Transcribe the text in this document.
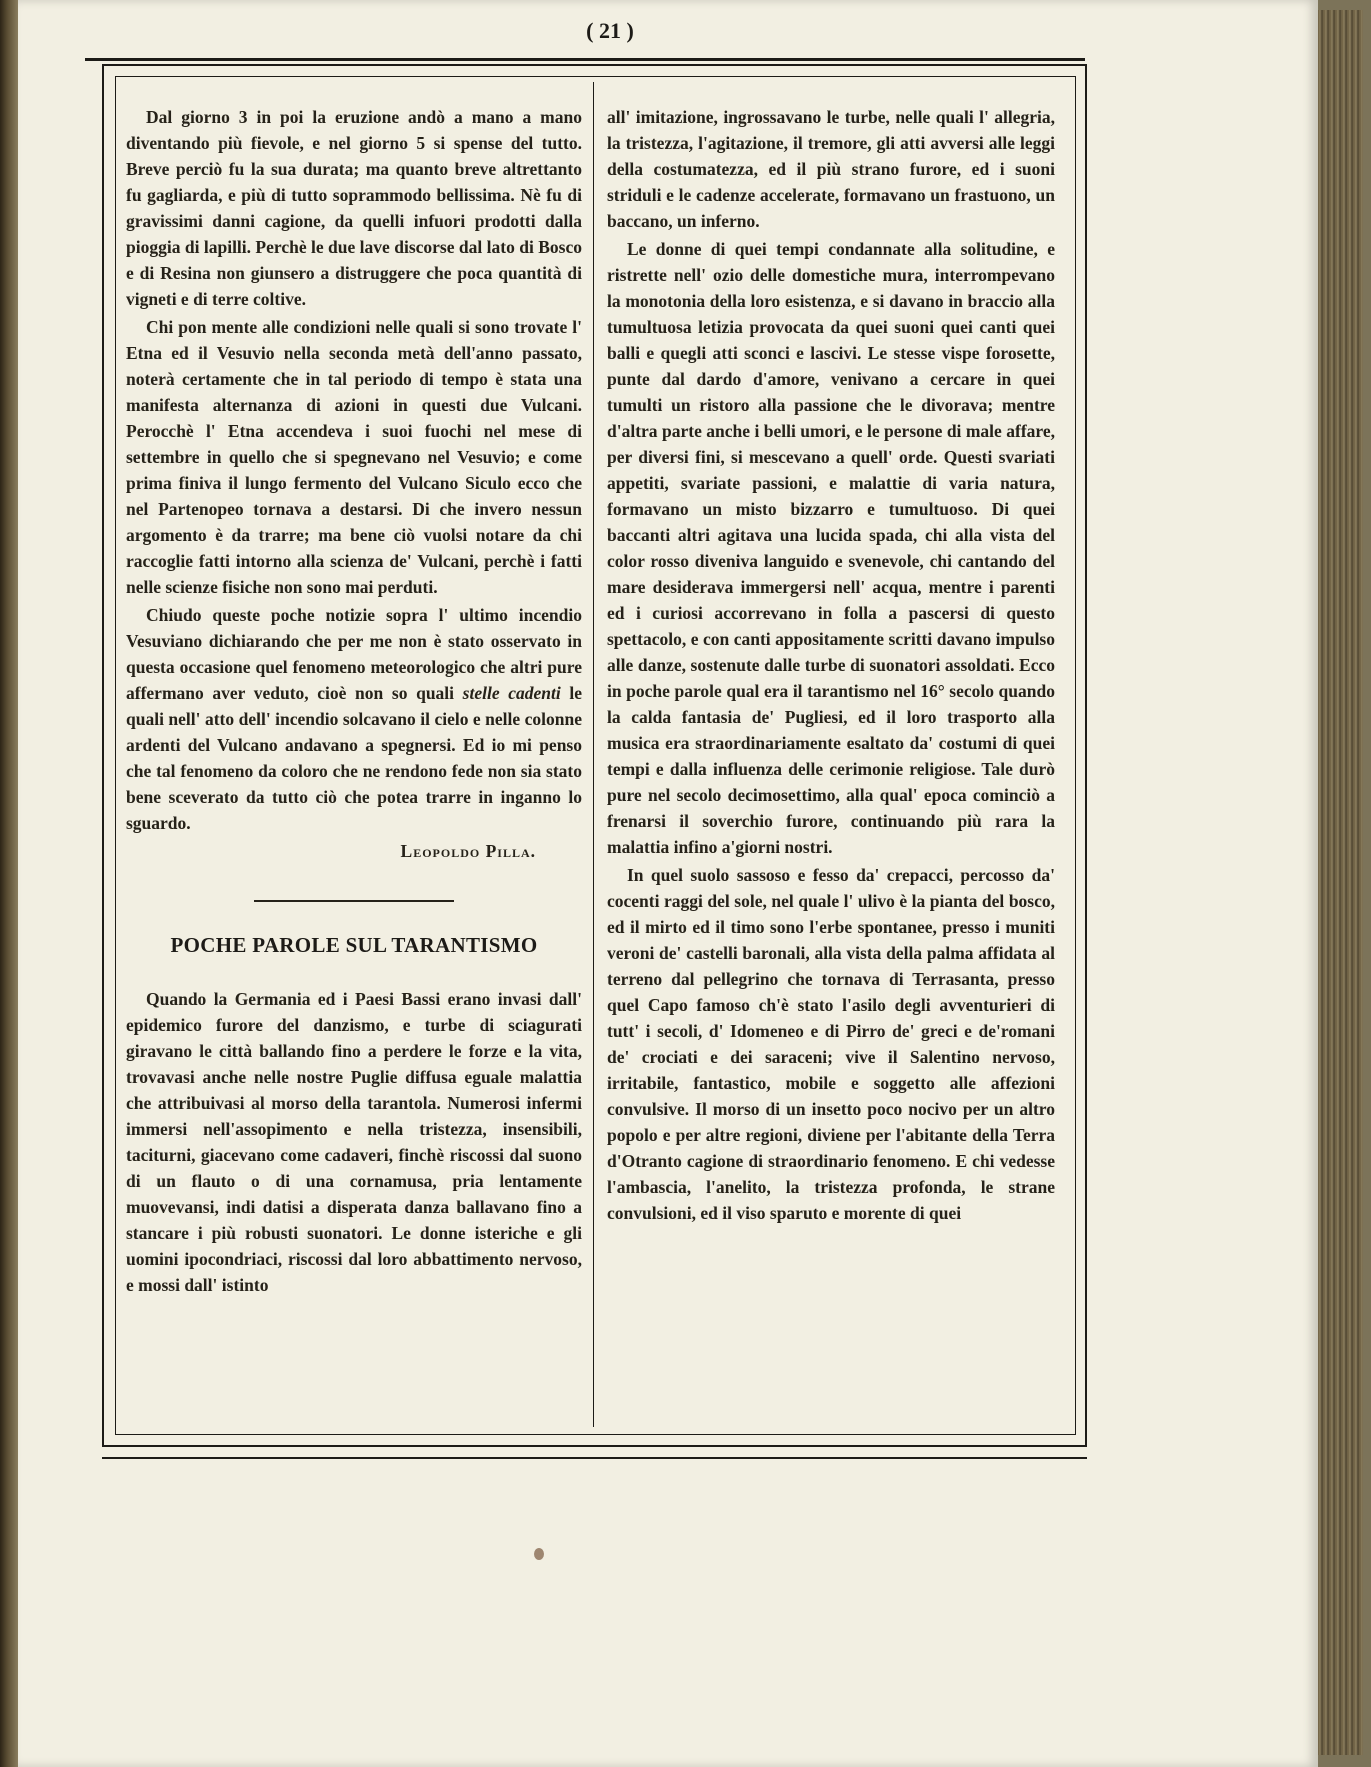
( 21 )

Dal giorno 3 in poi la eruzione andò a mano a mano diventando più fievole, e nel giorno 5 si spense del tutto. Breve perciò fu la sua durata; ma quanto breve altrettanto fu gagliarda, e più di tutto soprammodo bellissima. Nè fu di gravissimi danni cagione, da quelli infuori prodotti dalla pioggia di lapilli. Perchè le due lave discorse dal lato di Bosco e di Resina non giunsero a distruggere che poca quantità di vigneti e di terre coltive.

Chi pon mente alle condizioni nelle quali si sono trovate l' Etna ed il Vesuvio nella seconda metà dell'anno passato, noterà certamente che in tal periodo di tempo è stata una manifesta alternanza di azioni in questi due Vulcani. Perocchè l' Etna accendeva i suoi fuochi nel mese di settembre in quello che si spegnevano nel Vesuvio; e come prima finiva il lungo fermento del Vulcano Siculo ecco che nel Partenopeo tornava a destarsi. Di che invero nessun argomento è da trarre; ma bene ciò vuolsi notare da chi raccoglie fatti intorno alla scienza de' Vulcani, perchè i fatti nelle scienze fisiche non sono mai perduti.

Chiudo queste poche notizie sopra l' ultimo incendio Vesuviano dichiarando che per me non è stato osservato in questa occasione quel fenomeno meteorologico che altri pure affermano aver veduto, cioè non so quali stelle cadenti le quali nell' atto dell' incendio solcavano il cielo e nelle colonne ardenti del Vulcano andavano a spegnersi. Ed io mi penso che tal fenomeno da coloro che ne rendono fede non sia stato bene sceverato da tutto ciò che potea trarre in inganno lo sguardo.

Leopoldo Pilla.
POCHE PAROLE SUL TARANTISMO

Quando la Germania ed i Paesi Bassi erano invasi dall' epidemico furore del danzismo, e turbe di sciagurati giravano le città ballando fino a perdere le forze e la vita, trovavasi anche nelle nostre Puglie diffusa eguale malattia che attribuivasi al morso della tarantola. Numerosi infermi immersi nell'assopimento e nella tristezza, insensibili, taciturni, giacevano come cadaveri, finchè riscossi dal suono di un flauto o di una cornamusa, pria lentamente muovevansi, indi datisi a disperata danza ballavano fino a stancare i più robusti suonatori. Le donne isteriche e gli uomini ipocondriaci, riscossi dal loro abbattimento nervoso, e mossi dall' istinto

all' imitazione, ingrossavano le turbe, nelle quali l' allegria, la tristezza, l'agitazione, il tremore, gli atti avversi alle leggi della costumatezza, ed il più strano furore, ed i suoni striduli e le cadenze accelerate, formavano un frastuono, un baccano, un inferno.

Le donne di quei tempi condannate alla solitudine, e ristrette nell' ozio delle domestiche mura, interrompevano la monotonia della loro esistenza, e si davano in braccio alla tumultuosa letizia provocata da quei suoni quei canti quei balli e quegli atti sconci e lascivi. Le stesse vispe forosette, punte dal dardo d'amore, venivano a cercare in quei tumulti un ristoro alla passione che le divorava; mentre d'altra parte anche i belli umori, e le persone di male affare, per diversi fini, si mescevano a quell' orde. Questi svariati appetiti, svariate passioni, e malattie di varia natura, formavano un misto bizzarro e tumultuoso. Di quei baccanti altri agitava una lucida spada, chi alla vista del color rosso diveniva languido e svenevole, chi cantando del mare desiderava immergersi nell' acqua, mentre i parenti ed i curiosi accorrevano in folla a pascersi di questo spettacolo, e con canti appositamente scritti davano impulso alle danze, sostenute dalle turbe di suonatori assoldati. Ecco in poche parole qual era il tarantismo nel 16° secolo quando la calda fantasia de' Pugliesi, ed il loro trasporto alla musica era straordinariamente esaltato da' costumi di quei tempi e dalla influenza delle cerimonie religiose. Tale durò pure nel secolo decimosettimo, alla qual' epoca cominciò a frenarsi il soverchio furore, continuando più rara la malattia infino a'giorni nostri.

In quel suolo sassoso e fesso da' crepacci, percosso da' cocenti raggi del sole, nel quale l' ulivo è la pianta del bosco, ed il mirto ed il timo sono l'erbe spontanee, presso i muniti veroni de' castelli baronali, alla vista della palma affidata al terreno dal pellegrino che tornava di Terrasanta, presso quel Capo famoso ch'è stato l'asilo degli avventurieri di tutt' i secoli, d' Idomeneo e di Pirro de' greci e de'romani de' crociati e dei saraceni; vive il Salentino nervoso, irritabile, fantastico, mobile e soggetto alle affezioni convulsive. Il morso di un insetto poco nocivo per un altro popolo e per altre regioni, diviene per l'abitante della Terra d'Otranto cagione di straordinario fenomeno. E chi vedesse l'ambascia, l'anelito, la tristezza profonda, le strane convulsioni, ed il viso sparuto e morente di quei
